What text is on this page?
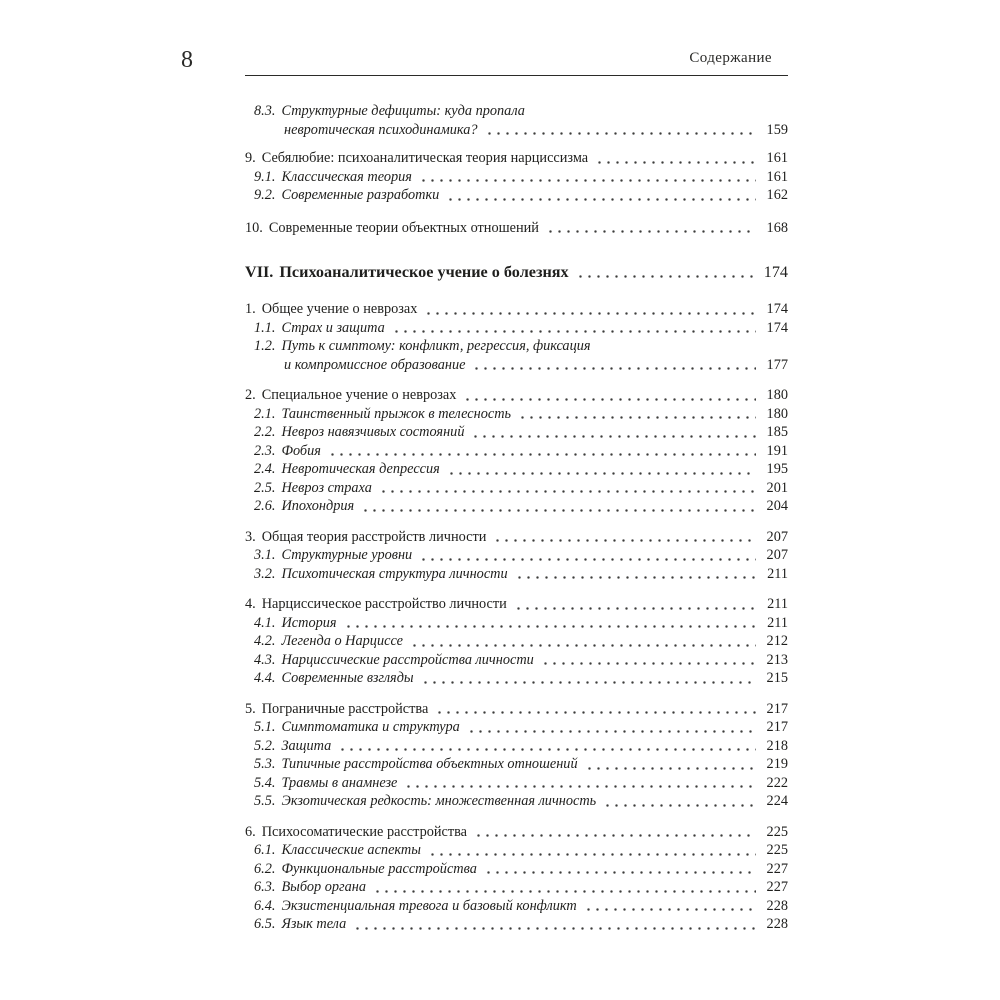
8	Содержание
8.3. Структурные дефициты: куда пропала
невротическая психодинамика?	159
9. Себялюбие: психоаналитическая теория нарциссизма	161
9.1. Классическая теория	161
9.2. Современные разработки	162
10. Современные теории объектных отношений	168
VII. Психоаналитическое учение о болезнях	174
1. Общее учение о неврозах	174
1.1. Страх и защита	174
1.2. Путь к симптому: конфликт, регрессия, фиксация
и компромиссное образование	177
2. Специальное учение о неврозах	180
2.1. Таинственный прыжок в телесность	180
2.2. Невроз навязчивых состояний	185
2.3. Фобия	191
2.4. Невротическая депрессия	195
2.5. Невроз страха	201
2.6. Ипохондрия	204
3. Общая теория расстройств личности	207
3.1. Структурные уровни	207
3.2. Психотическая структура личности	211
4. Нарциссическое расстройство личности	211
4.1. История	211
4.2. Легенда о Нарциссе	212
4.3. Нарциссические расстройства личности	213
4.4. Современные взгляды	215
5. Пограничные расстройства	217
5.1. Симптоматика и структура	217
5.2. Защита	218
5.3. Типичные расстройства объектных отношений	219
5.4. Травмы в анамнезе	222
5.5. Экзотическая редкость: множественная личность	224
6. Психосоматические расстройства	225
6.1. Классические аспекты	225
6.2. Функциональные расстройства	227
6.3. Выбор органа	227
6.4. Экзистенциальная тревога и базовый конфликт	228
6.5. Язык тела	228
